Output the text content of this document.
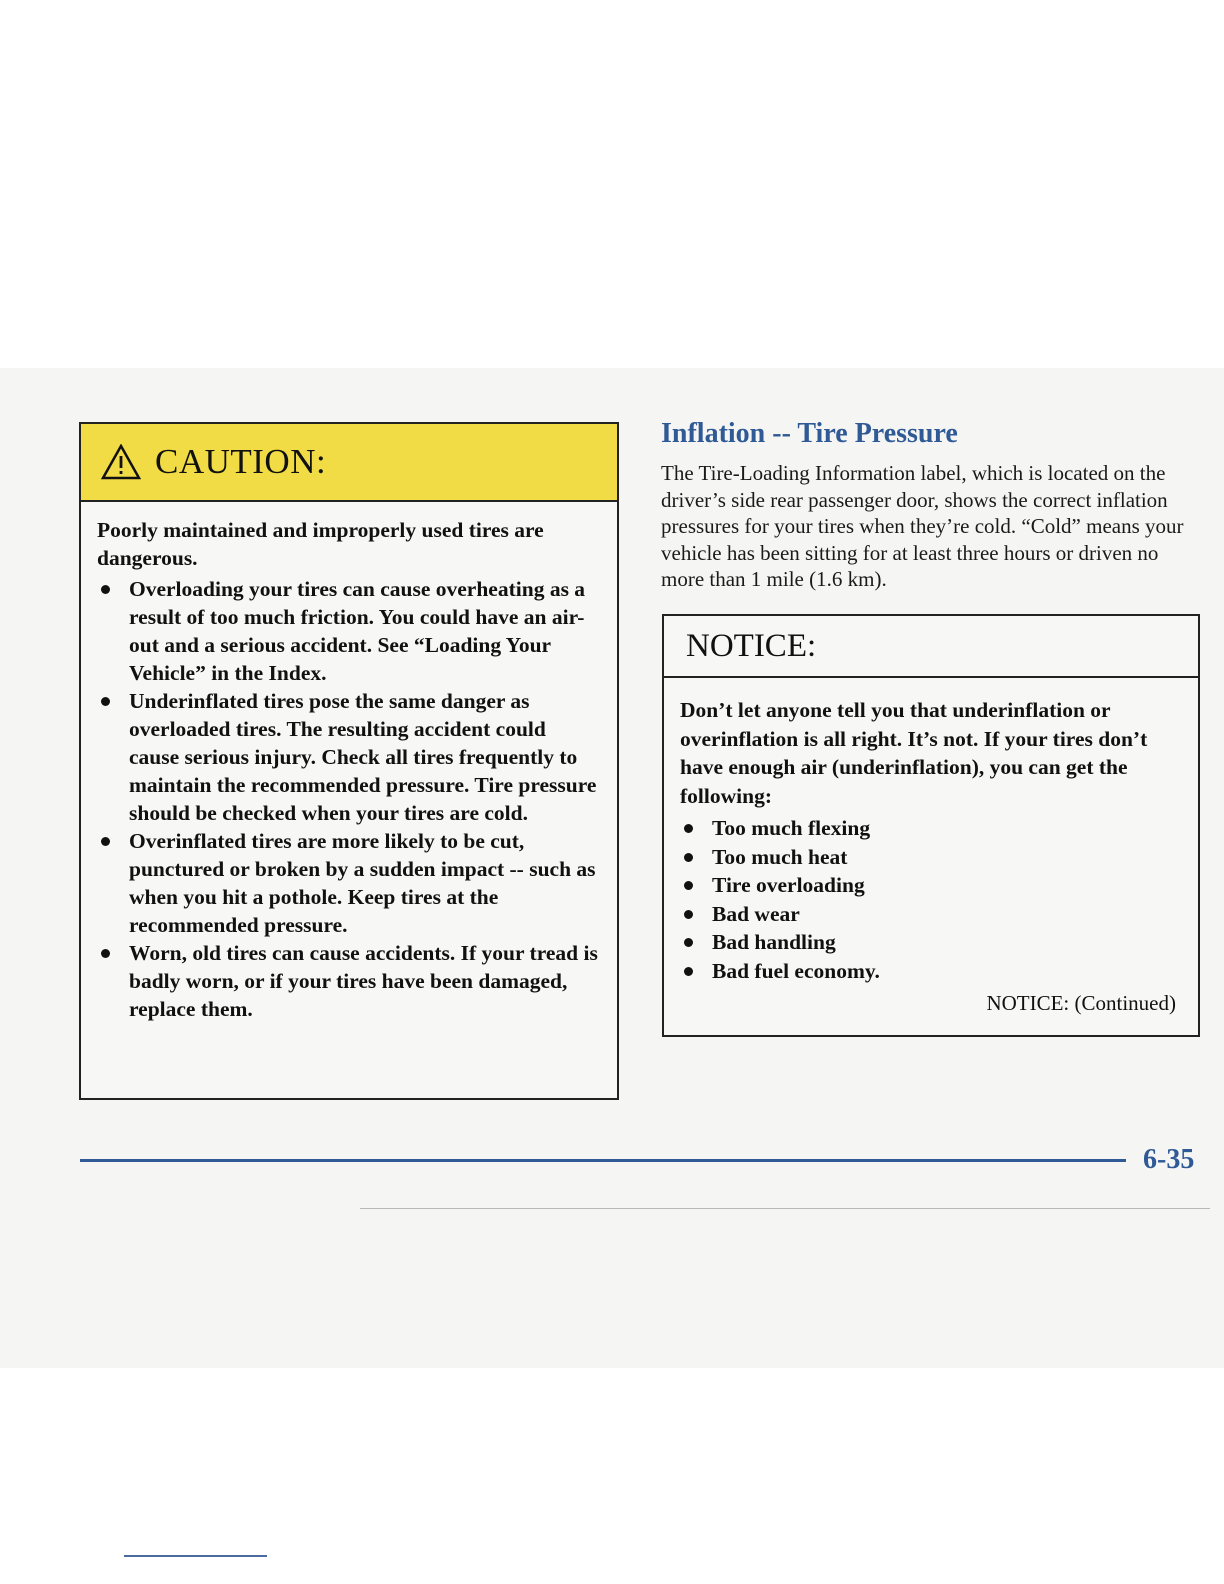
CAUTION:

Poorly maintained and improperly used tires are dangerous.

Overloading your tires can cause overheating as a result of too much friction. You could have an air-out and a serious accident. See “Loading Your Vehicle” in the Index.
Underinflated tires pose the same danger as overloaded tires. The resulting accident could cause serious injury. Check all tires frequently to maintain the recommended pressure. Tire pressure should be checked when your tires are cold.
Overinflated tires are more likely to be cut, punctured or broken by a sudden impact -- such as when you hit a pothole. Keep tires at the recommended pressure.
Worn, old tires can cause accidents. If your tread is badly worn, or if your tires have been damaged, replace them.
Inflation -- Tire Pressure
The Tire-Loading Information label, which is located on the driver’s side rear passenger door, shows the correct inflation pressures for your tires when they’re cold. “Cold” means your vehicle has been sitting for at least three hours or driven no more than 1 mile (1.6 km).
NOTICE:

Don’t let anyone tell you that underinflation or overinflation is all right. It’s not. If your tires don’t have enough air (underinflation), you can get the following:

Too much flexing
Too much heat
Tire overloading
Bad wear
Bad handling
Bad fuel economy.
NOTICE: (Continued)
6-35
